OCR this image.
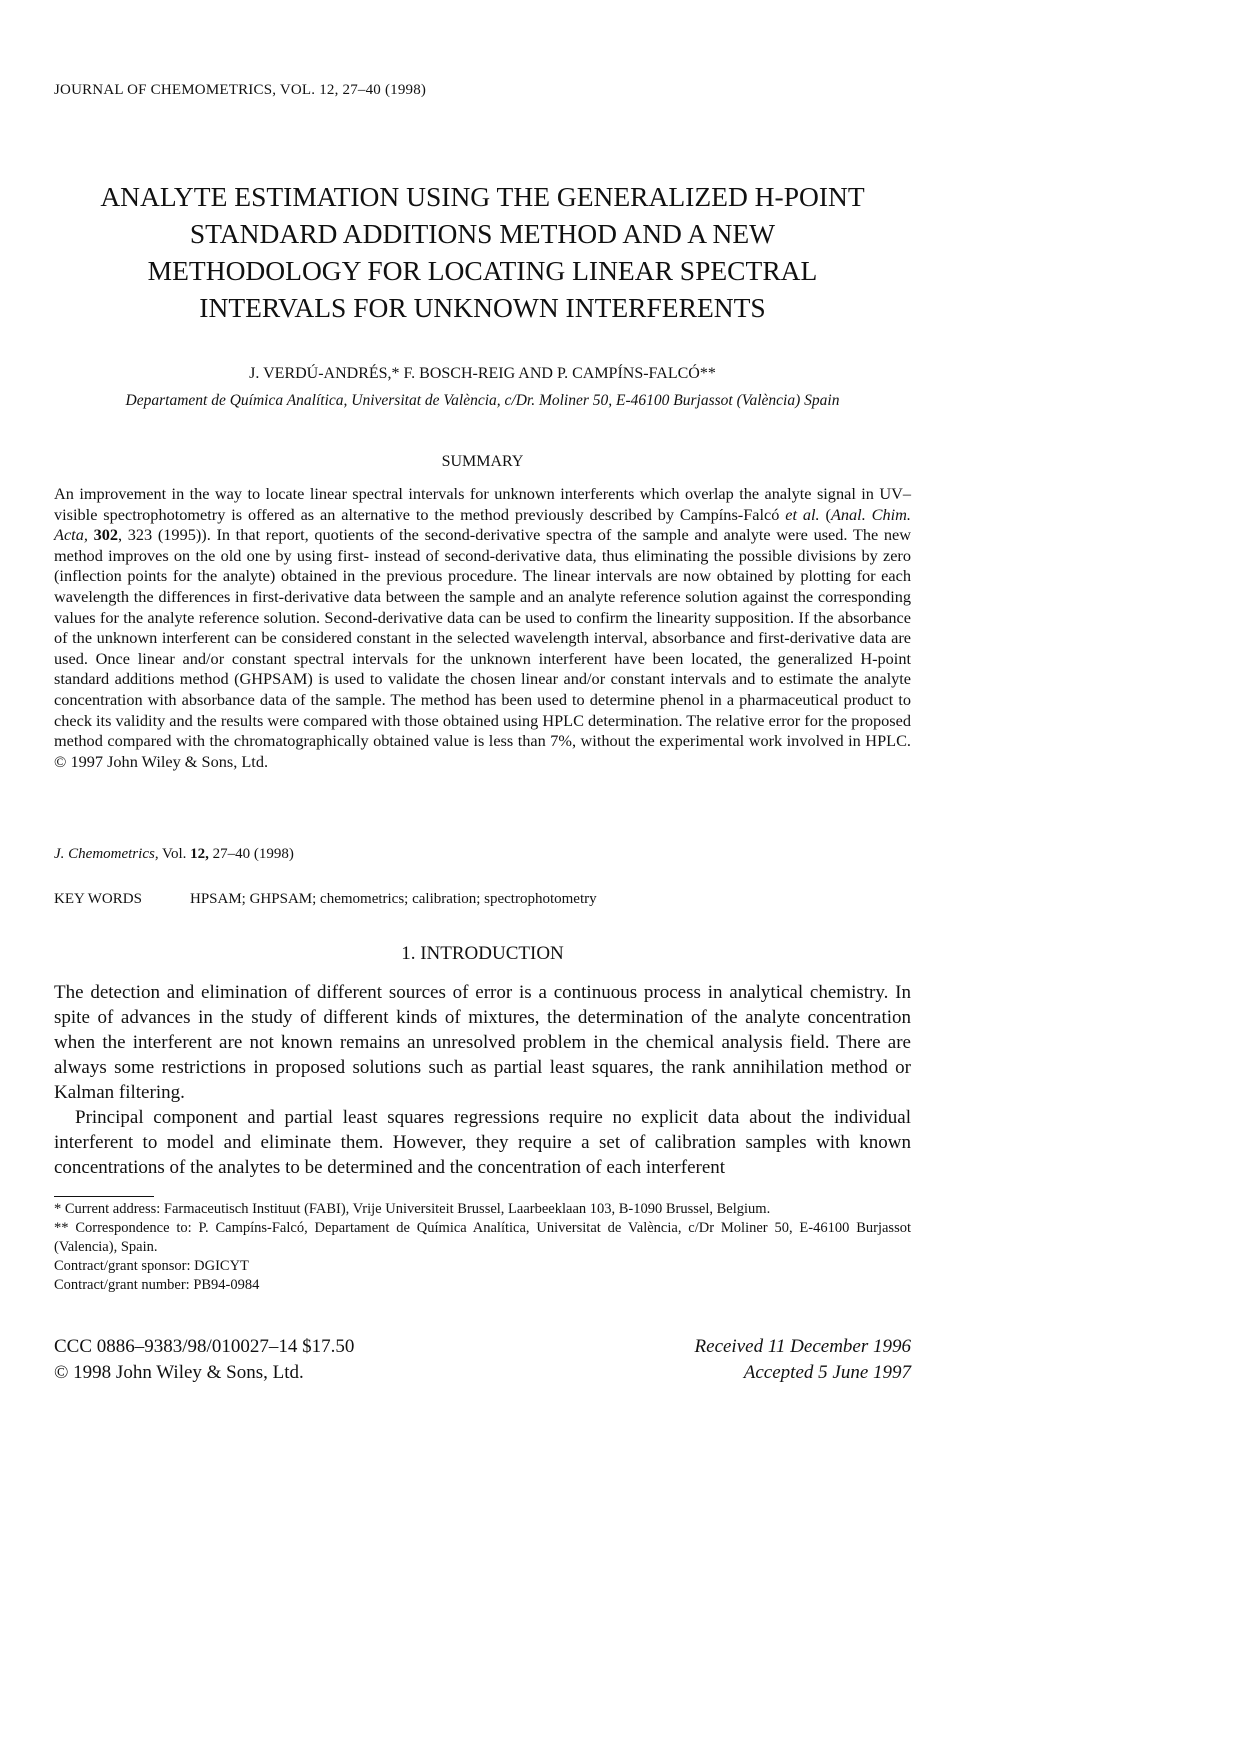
JOURNAL OF CHEMOMETRICS, VOL. 12, 27–40 (1998)
ANALYTE ESTIMATION USING THE GENERALIZED H-POINT
STANDARD ADDITIONS METHOD AND A NEW
METHODOLOGY FOR LOCATING LINEAR SPECTRAL
INTERVALS FOR UNKNOWN INTERFERENTS
J. VERDÚ-ANDRÉS,* F. BOSCH-REIG AND P. CAMPÍNS-FALCÓ**
Departament de Química Analítica, Universitat de València, c/Dr. Moliner 50, E-46100 Burjassot (València) Spain
SUMMARY

An improvement in the way to locate linear spectral intervals for unknown interferents which overlap the analyte signal in UV–visible spectrophotometry is offered as an alternative to the method previously described by Campíns-Falcó et al. (Anal. Chim. Acta, 302, 323 (1995)). In that report, quotients of the second-derivative spectra of the sample and analyte were used. The new method improves on the old one by using first- instead of second-derivative data, thus eliminating the possible divisions by zero (inflection points for the analyte) obtained in the previous procedure. The linear intervals are now obtained by plotting for each wavelength the differences in first-derivative data between the sample and an analyte reference solution against the corresponding values for the analyte reference solution. Second-derivative data can be used to confirm the linearity supposition. If the absorbance of the unknown interferent can be considered constant in the selected wavelength interval, absorbance and first-derivative data are used. Once linear and/or constant spectral intervals for the unknown interferent have been located, the generalized H-point standard additions method (GHPSAM) is used to validate the chosen linear and/or constant intervals and to estimate the analyte concentration with absorbance data of the sample. The method has been used to determine phenol in a pharmaceutical product to check its validity and the results were compared with those obtained using HPLC determination. The relative error for the proposed method compared with the chromatographically obtained value is less than 7%, without the experimental work involved in HPLC. © 1997 John Wiley & Sons, Ltd.

J. Chemometrics, Vol. 12, 27–40 (1998)
KEY WORDS	HPSAM; GHPSAM; chemometrics; calibration; spectrophotometry
1. INTRODUCTION

The detection and elimination of different sources of error is a continuous process in analytical chemistry. In spite of advances in the study of different kinds of mixtures, the determination of the analyte concentration when the interferent are not known remains an unresolved problem in the chemical analysis field. There are always some restrictions in proposed solutions such as partial least squares, the rank annihilation method or Kalman filtering.

Principal component and partial least squares regressions require no explicit data about the individual interferent to model and eliminate them. However, they require a set of calibration samples with known concentrations of the analytes to be determined and the concentration of each interferent

* Current address: Farmaceutisch Instituut (FABI), Vrije Universiteit Brussel, Laarbeeklaan 103, B-1090 Brussel, Belgium.
** Correspondence to: P. Campíns-Falcó, Departament de Química Analítica, Universitat de València, c/Dr Moliner 50, E-46100 Burjassot (Valencia), Spain.
Contract/grant sponsor: DGICYT
Contract/grant number: PB94-0984
CCC 0886–9383/98/010027–14 $17.50
© 1998 John Wiley & Sons, Ltd.
Received 11 December 1996
Accepted 5 June 1997
